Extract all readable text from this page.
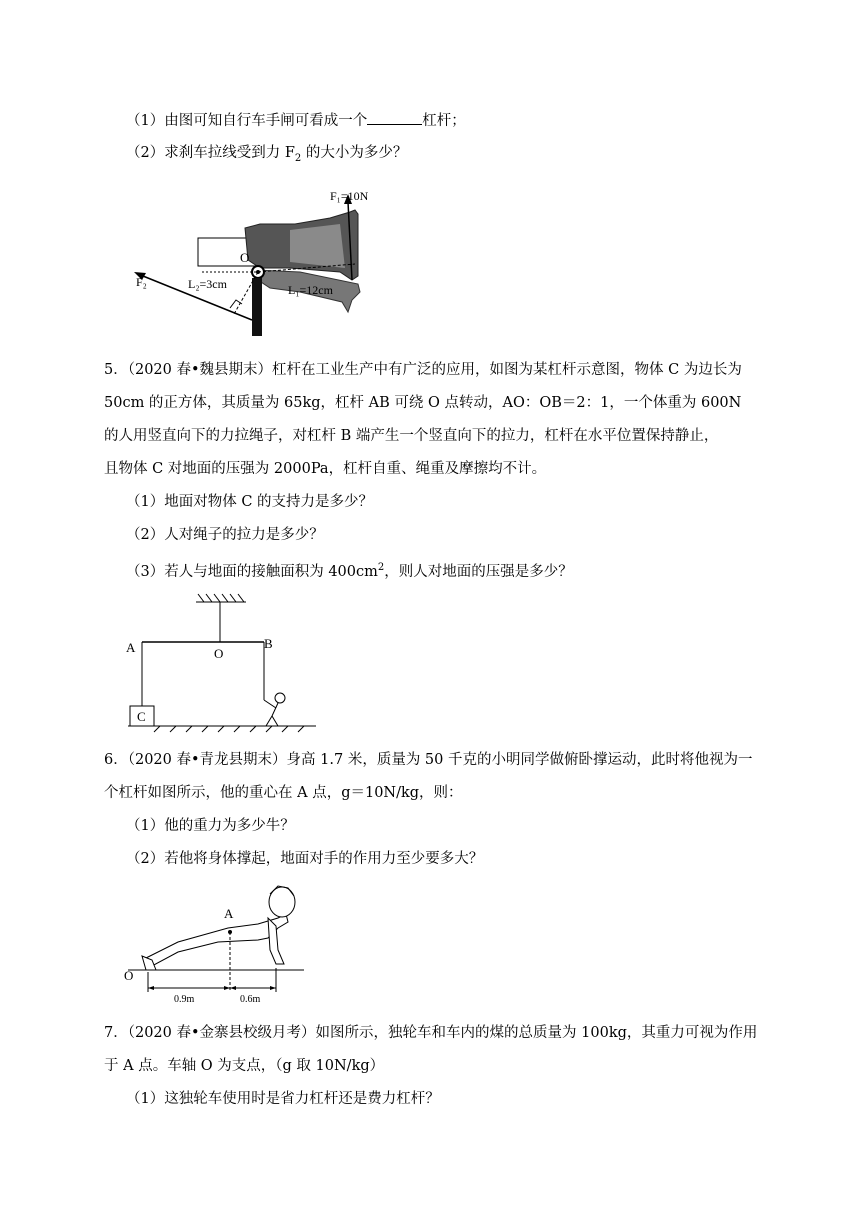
（1）由图可知自行车手闸可看成一个	杠杆；
（2）求刹车拉线受到力 $F_2$ 的大小为多少？
F₁=10N
F₂
O
L₂=3cm	L₁=12cm
5．（2020 春•魏县期末）杠杆在工业生产中有广泛的应用，如图为某杠杆示意图，物体 C 为边长为
50cm 的正方体，其质量为 65kg，杠杆 AB 可绕 O 点转动，AO：OB＝2：1，一个体重为 600N
的人用竖直向下的力拉绳子，对杠杆 B 端产生一个竖直向下的拉力，杠杆在水平位置保持静止，
且物体 C 对地面的压强为 2000Pa，杠杆自重、绳重及摩擦均不计。
（1）地面对物体 C 的支持力是多少？
（2）人对绳子的拉力是多少？
（3）若人与地面的接触面积为 $400cm^2$，则人对地面的压强是多少？
A	O
B
C
6．（2020 春•青龙县期末）身高 1.7 米，质量为 50 千克的小明同学做俯卧撑运动，此时将他视为一
个杠杆如图所示，他的重心在 A 点，g＝10N/kg，则：
（1）他的重力为多少牛？
（2）若他将身体撑起，地面对手的作用力至少要多大？
A
O
0.9m	0.6m
7．（2020 春•金寨县校级月考）如图所示，独轮车和车内的煤的总质量为 100kg，其重力可视为作用
于 A 点。车轴 O 为支点，（g 取 10N/kg）
（1）这独轮车使用时是省力杠杆还是费力杠杆？
